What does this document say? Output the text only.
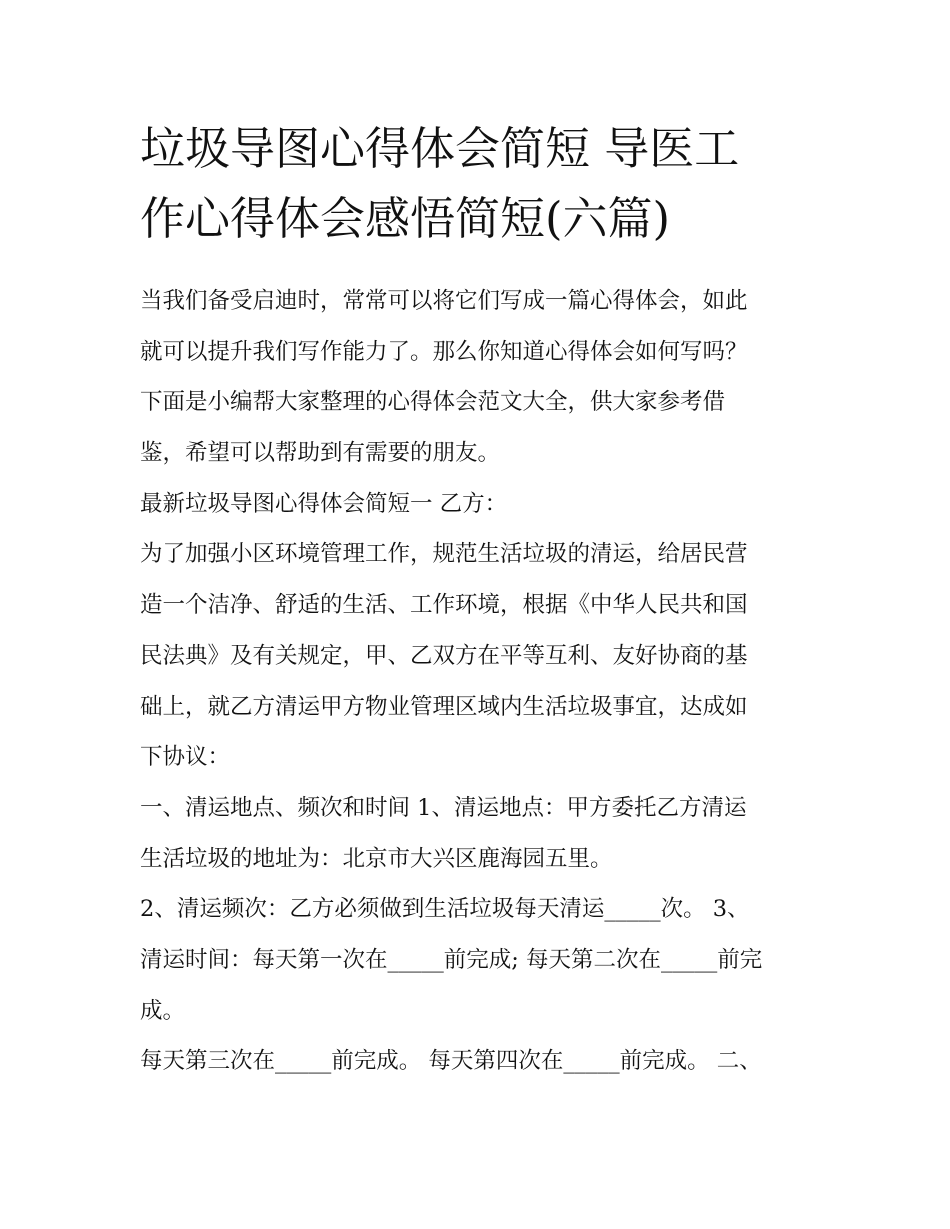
垃圾导图心得体会简短 导医工
作心得体会感悟简短(六篇)
当我们备受启迪时，常常可以将它们写成一篇心得体会，如此
就可以提升我们写作能力了。那么你知道心得体会如何写吗？
下面是小编帮大家整理的心得体会范文大全，供大家参考借
鉴，希望可以帮助到有需要的朋友。
最新垃圾导图心得体会简短一 乙方：
为了加强小区环境管理工作，规范生活垃圾的清运，给居民营
造一个洁净、舒适的生活、工作环境，根据《中华人民共和国
民法典》及有关规定，甲、乙双方在平等互利、友好协商的基
础上，就乙方清运甲方物业管理区域内生活垃圾事宜，达成如
下协议：
一、清运地点、频次和时间 1、清运地点：甲方委托乙方清运
生活垃圾的地址为：北京市大兴区鹿海园五里。
2、清运频次：乙方必须做到生活垃圾每天清运_____次。 3、
清运时间：每天第一次在_____前完成; 每天第二次在_____前完
成。
每天第三次在_____前完成。 每天第四次在_____前完成。 二、
